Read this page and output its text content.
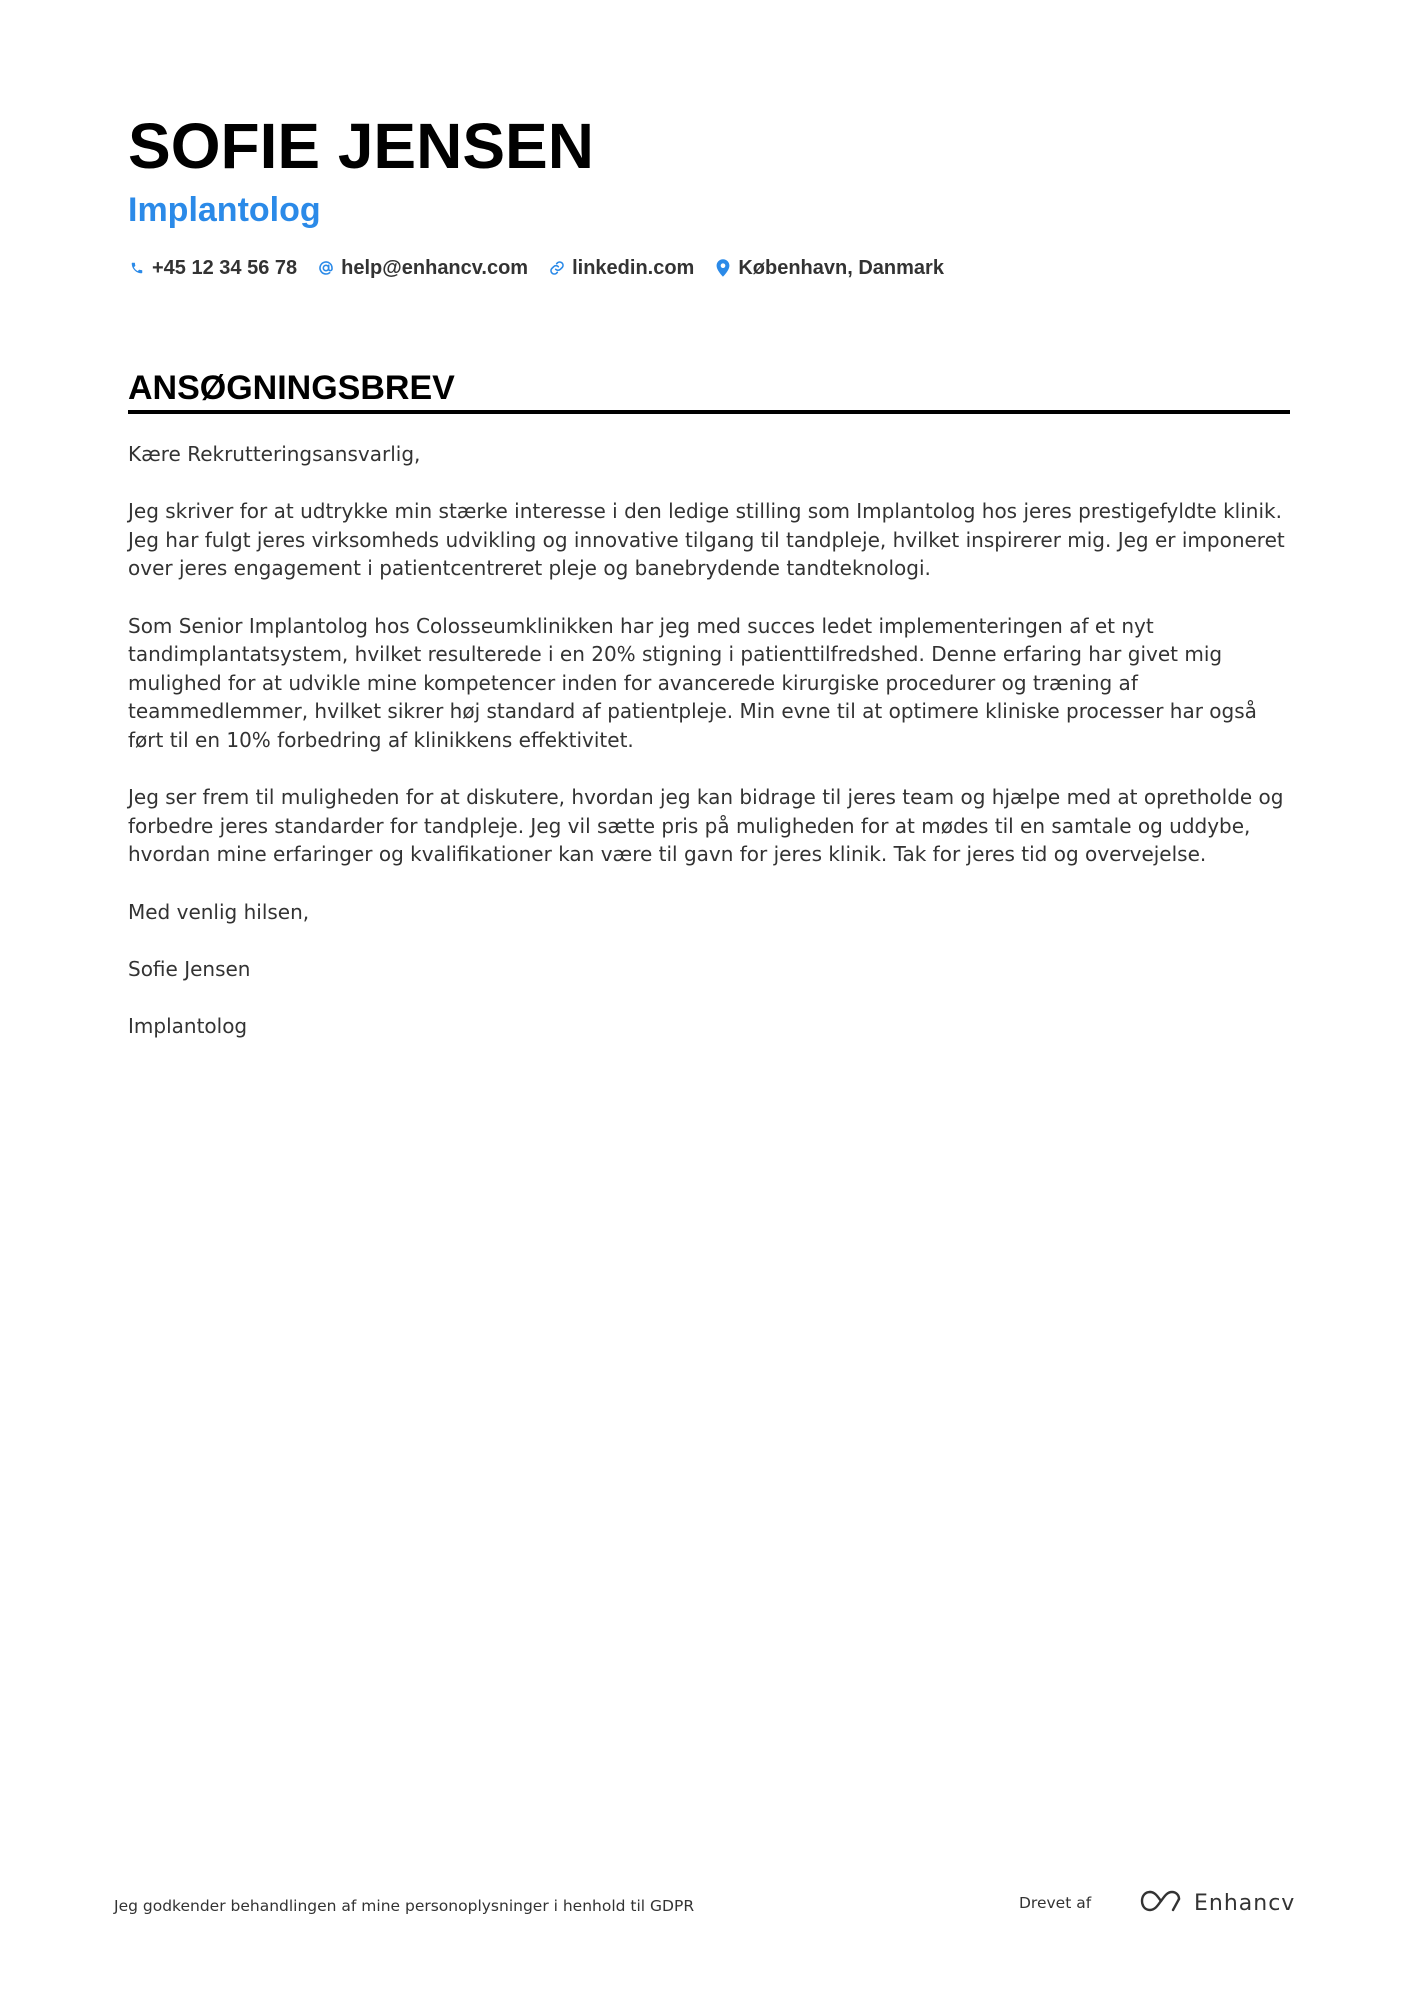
SOFIE JENSEN
Implantolog
+45 12 34 56 78 help@enhancv.com linkedin.com København, Danmark
ANSØGNINGSBREV

Kære Rekrutteringsansvarlig,

Jeg skriver for at udtrykke min stærke interesse i den ledige stilling som Implantolog hos jeres prestigefyldte klinik. Jeg har fulgt jeres virksomheds udvikling og innovative tilgang til tandpleje, hvilket inspirerer mig. Jeg er imponeret over jeres engagement i patientcentreret pleje og banebrydende tandteknologi.

Som Senior Implantolog hos Colosseumklinikken har jeg med succes ledet implementeringen af et nyt tandimplantatsystem, hvilket resulterede i en 20% stigning i patienttilfredshed. Denne erfaring har givet mig mulighed for at udvikle mine kompetencer inden for avancerede kirurgiske procedurer og træning af teammedlemmer, hvilket sikrer høj standard af patientpleje. Min evne til at optimere kliniske processer har også ført til en 10% forbedring af klinikkens effektivitet.

Jeg ser frem til muligheden for at diskutere, hvordan jeg kan bidrage til jeres team og hjælpe med at opretholde og forbedre jeres standarder for tandpleje. Jeg vil sætte pris på muligheden for at mødes til en samtale og uddybe, hvordan mine erfaringer og kvalifikationer kan være til gavn for jeres klinik. Tak for jeres tid og overvejelse.

Med venlig hilsen,

Sofie Jensen

Implantolog

Jeg godkender behandlingen af mine personoplysninger i henhold til GDPR	Drevet af	Enhancv
